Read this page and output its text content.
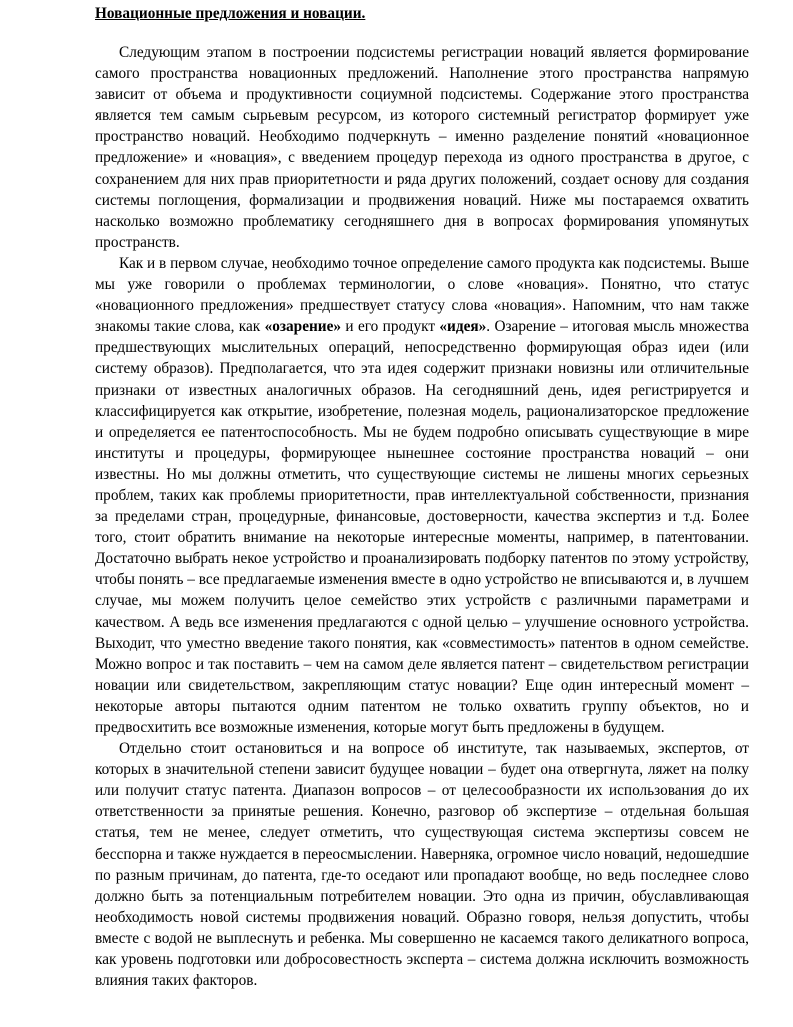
Новационные предложения и новации.

Следующим этапом в построении подсистемы регистрации новаций является формирование самого пространства новационных предложений. Наполнение этого пространства напрямую зависит от объема и продуктивности социумной подсистемы. Содержание этого пространства является тем самым сырьевым ресурсом, из которого системный регистратор формирует уже пространство новаций. Необходимо подчеркнуть – именно разделение понятий «новационное предложение» и «новация», с введением процедур перехода из одного пространства в другое, с сохранением для них прав приоритетности и ряда других положений, создает основу для создания системы поглощения, формализации и продвижения новаций. Ниже мы постараемся охватить насколько возможно проблематику сегодняшнего дня в вопросах формирования упомянутых пространств.

Как и в первом случае, необходимо точное определение самого продукта как подсистемы. Выше мы уже говорили о проблемах терминологии, о слове «новация». Понятно, что статус «новационного предложения» предшествует статусу слова «новация». Напомним, что нам также знакомы такие слова, как «озарение» и его продукт «идея». Озарение – итоговая мысль множества предшествующих мыслительных операций, непосредственно формирующая образ идеи (или систему образов). Предполагается, что эта идея содержит признаки новизны или отличительные признаки от известных аналогичных образов. На сегодняшний день, идея регистрируется и классифицируется как открытие, изобретение, полезная модель, рационализаторское предложение и определяется ее патентоспособность. Мы не будем подробно описывать существующие в мире институты и процедуры, формирующее нынешнее состояние пространства новаций – они известны. Но мы должны отметить, что существующие системы не лишены многих серьезных проблем, таких как проблемы приоритетности, прав интеллектуальной собственности, признания за пределами стран, процедурные, финансовые, достоверности, качества экспертиз и т.д. Более того, стоит обратить внимание на некоторые интересные моменты, например, в патентовании. Достаточно выбрать некое устройство и проанализировать подборку патентов по этому устройству, чтобы понять – все предлагаемые изменения вместе в одно устройство не вписываются и, в лучшем случае, мы можем получить целое семейство этих устройств с различными параметрами и качеством. А ведь все изменения предлагаются с одной целью – улучшение основного устройства. Выходит, что уместно введение такого понятия, как «совместимость» патентов в одном семействе. Можно вопрос и так поставить – чем на самом деле является патент – свидетельством регистрации новации или свидетельством, закрепляющим статус новации? Еще один интересный момент – некоторые авторы пытаются одним патентом не только охватить группу объектов, но и предвосхитить все возможные изменения, которые могут быть предложены в будущем.

Отдельно стоит остановиться и на вопросе об институте, так называемых, экспертов, от которых в значительной степени зависит будущее новации – будет она отвергнута, ляжет на полку или получит статус патента. Диапазон вопросов – от целесообразности их использования до их ответственности за принятые решения. Конечно, разговор об экспертизе – отдельная большая статья, тем не менее, следует отметить, что существующая система экспертизы совсем не бесспорна и также нуждается в переосмыслении. Наверняка, огромное число новаций, недошедшие по разным причинам, до патента, где-то оседают или пропадают вообще, но ведь последнее слово должно быть за потенциальным потребителем новации. Это одна из причин, обуславливающая необходимость новой системы продвижения новаций. Образно говоря, нельзя допустить, чтобы вместе с водой не выплеснуть и ребенка. Мы совершенно не касаемся такого деликатного вопроса, как уровень подготовки или добросовестность эксперта – система должна исключить возможность влияния таких факторов.
